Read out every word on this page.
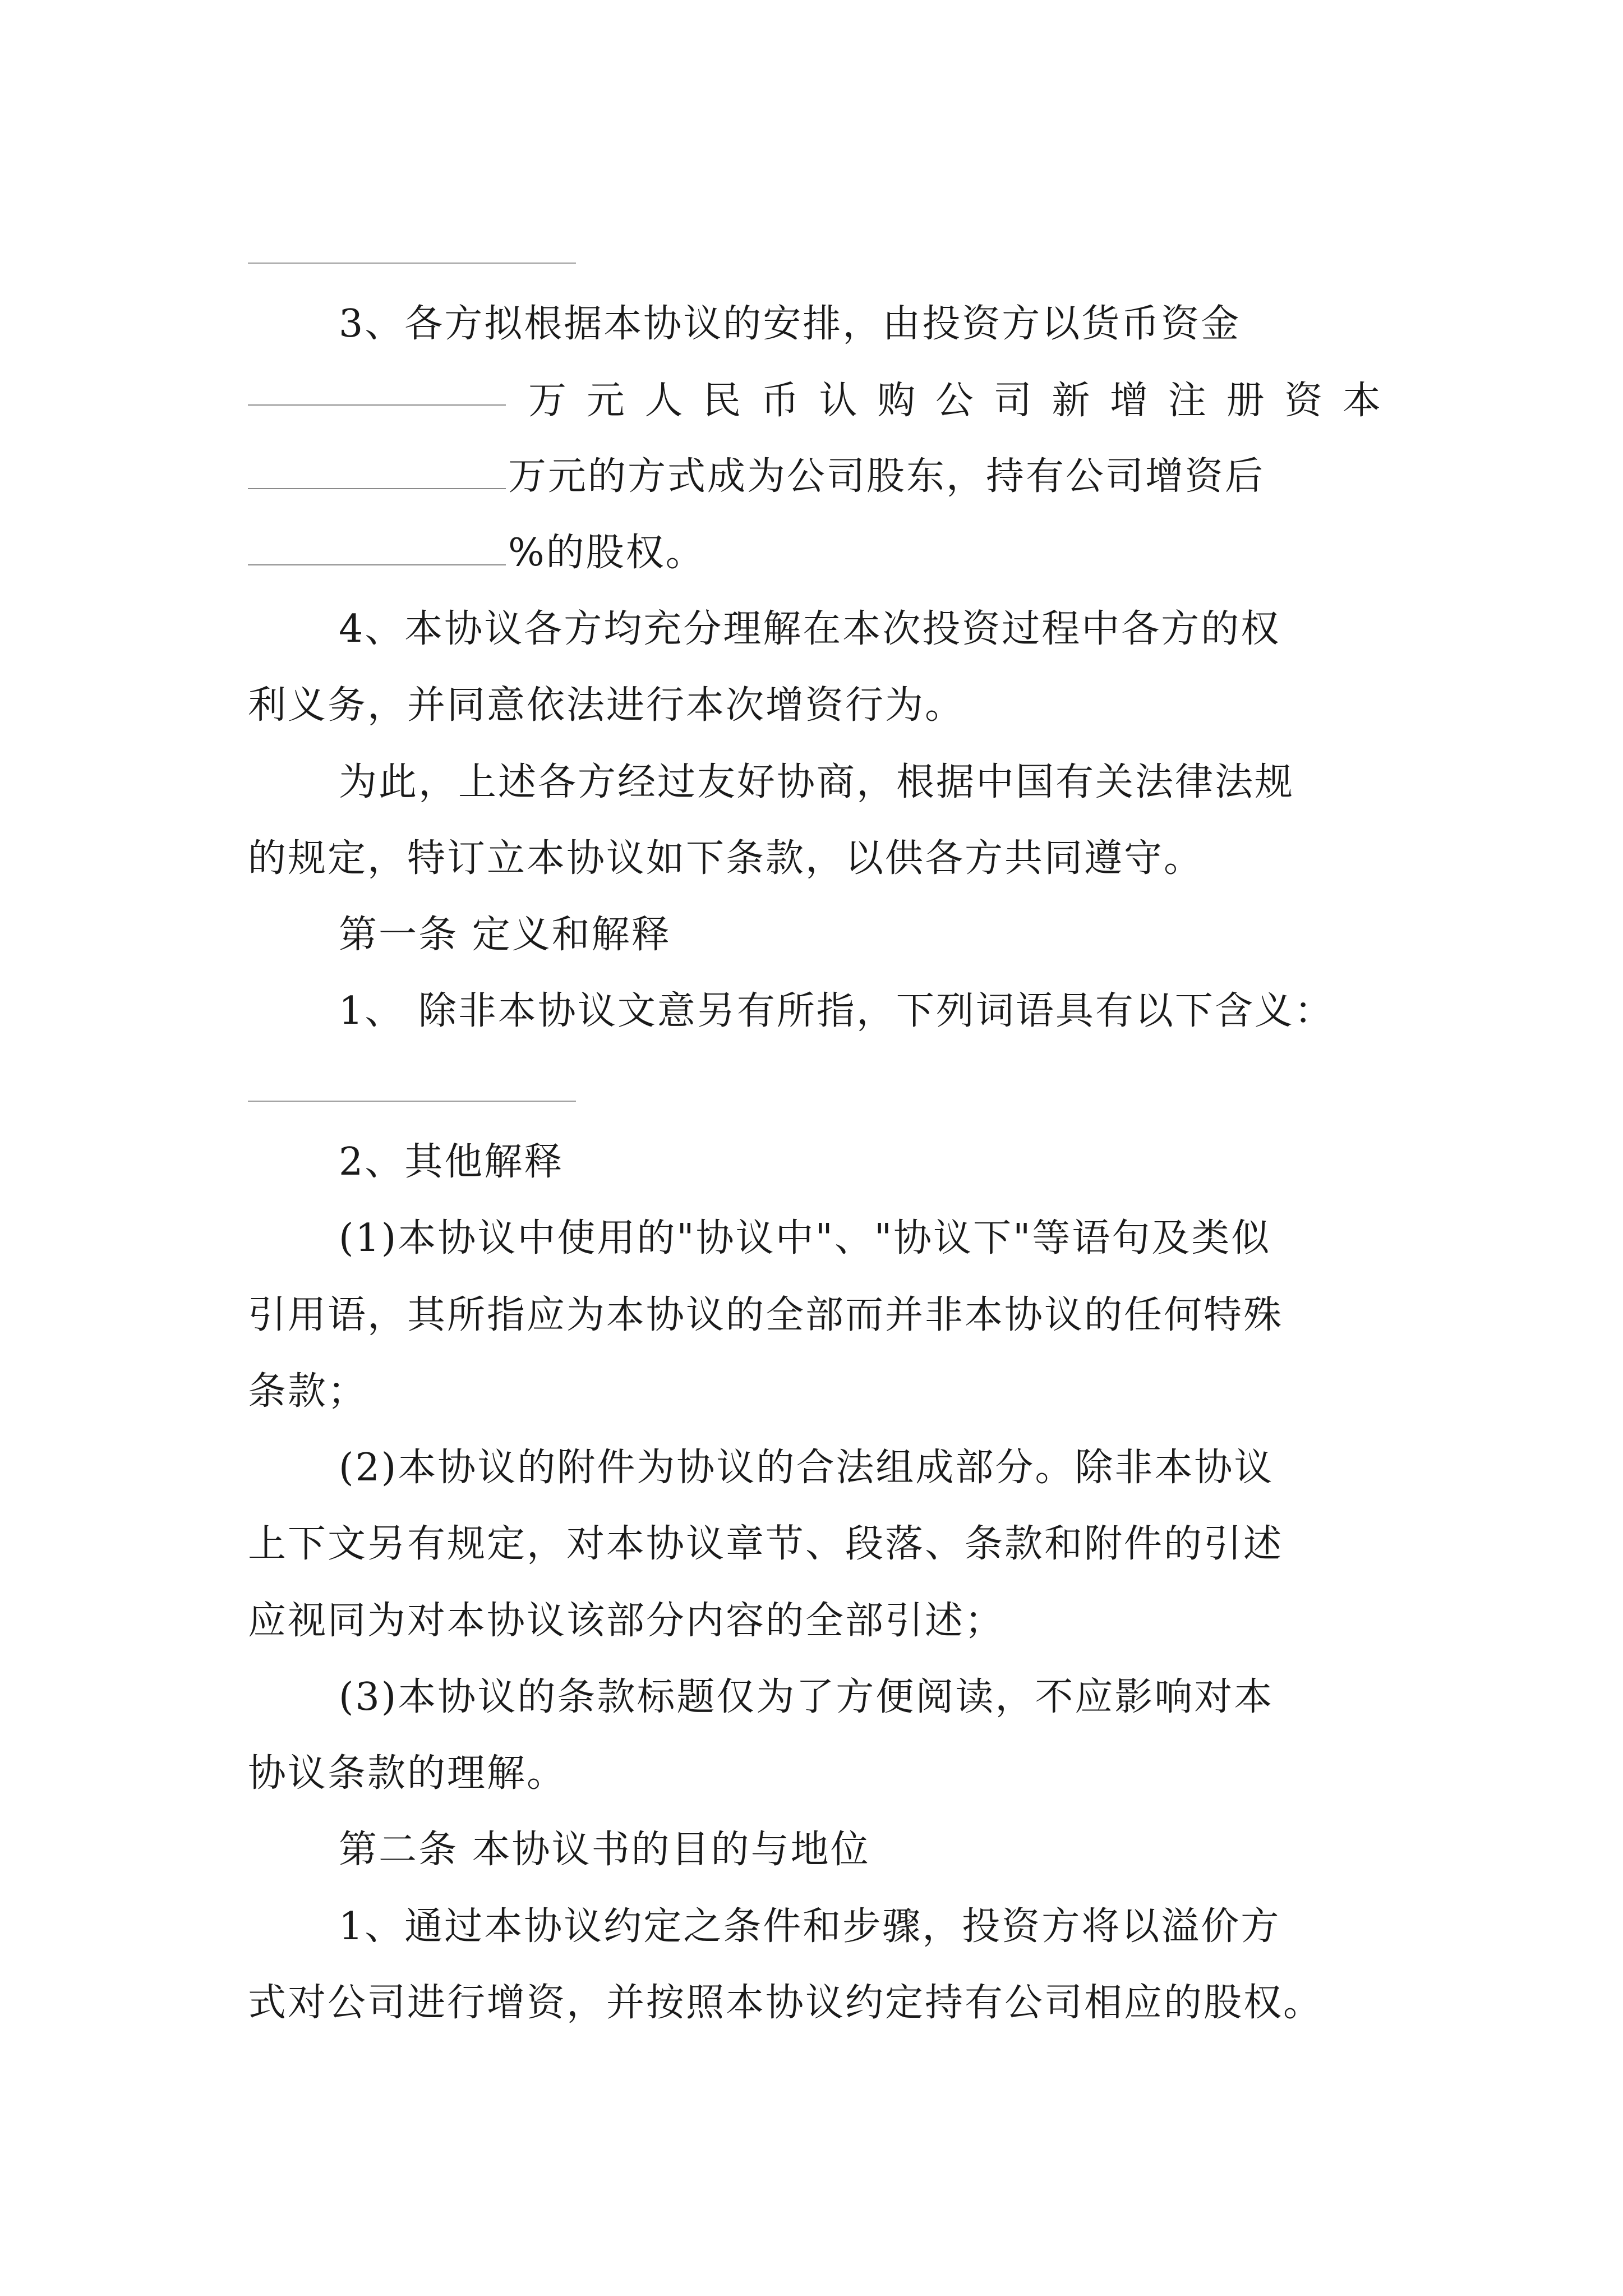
3、各方拟根据本协议的安排，由投资方以货币资金
万 元 人 民 币 认 购 公 司 新 增 注 册 资 本
万元的方式成为公司股东，持有公司增资后
%的股权。
4、本协议各方均充分理解在本次投资过程中各方的权
利义务，并同意依法进行本次增资行为。
为此，上述各方经过友好协商，根据中国有关法律法规
的规定，特订立本协议如下条款，以供各方共同遵守。
第一条 定义和解释
1、 除非本协议文意另有所指，下列词语具有以下含义：
2、其他解释
(1)本协议中使用的"协议中"、"协议下"等语句及类似
引用语，其所指应为本协议的全部而并非本协议的任何特殊
条款；
(2)本协议的附件为协议的合法组成部分。除非本协议
上下文另有规定，对本协议章节、段落、条款和附件的引述
应视同为对本协议该部分内容的全部引述；
(3)本协议的条款标题仅为了方便阅读，不应影响对本
协议条款的理解。
第二条 本协议书的目的与地位
1、通过本协议约定之条件和步骤，投资方将以溢价方
式对公司进行增资，并按照本协议约定持有公司相应的股权。
